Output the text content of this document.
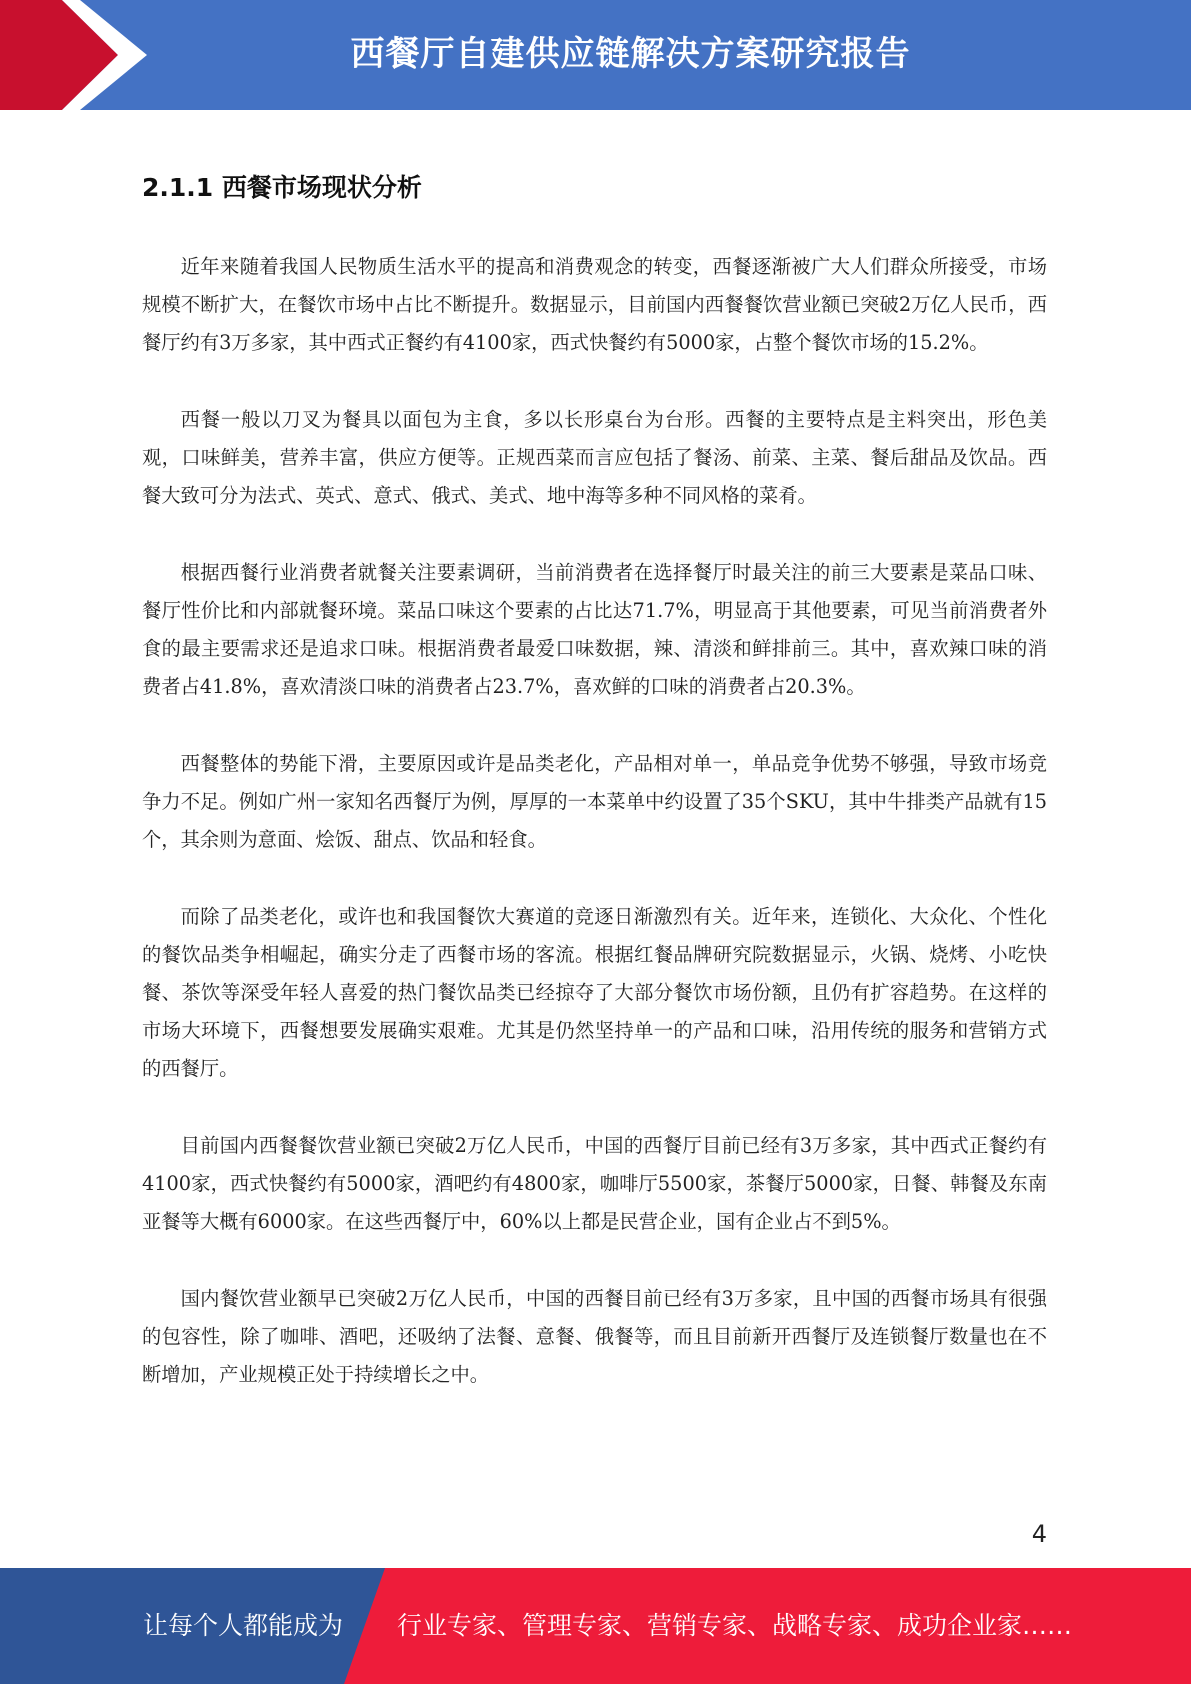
西餐厅自建供应链解决方案研究报告
2.1.1 西餐市场现状分析

近年来随着我国人民物质生活水平的提高和消费观念的转变，西餐逐渐被广大人们群众所接受，市场规模不断扩大，在餐饮市场中占比不断提升。数据显示，目前国内西餐餐饮营业额已突破2万亿人民币，西餐厅约有3万多家，其中西式正餐约有4100家，西式快餐约有5000家，占整个餐饮市场的15.2%。

西餐一般以刀叉为餐具以面包为主食，多以长形桌台为台形。西餐的主要特点是主料突出，形色美观，口味鲜美，营养丰富，供应方便等。正规西菜而言应包括了餐汤、前菜、主菜、餐后甜品及饮品。西餐大致可分为法式、英式、意式、俄式、美式、地中海等多种不同风格的菜肴。

根据西餐行业消费者就餐关注要素调研，当前消费者在选择餐厅时最关注的前三大要素是菜品口味、餐厅性价比和内部就餐环境。菜品口味这个要素的占比达71.7%，明显高于其他要素，可见当前消费者外食的最主要需求还是追求口味。根据消费者最爱口味数据，辣、清淡和鲜排前三。其中，喜欢辣口味的消费者占41.8%，喜欢清淡口味的消费者占23.7%，喜欢鲜的口味的消费者占20.3%。

西餐整体的势能下滑，主要原因或许是品类老化，产品相对单一，单品竞争优势不够强，导致市场竞争力不足。例如广州一家知名西餐厅为例，厚厚的一本菜单中约设置了35个SKU，其中牛排类产品就有15个，其余则为意面、烩饭、甜点、饮品和轻食。

而除了品类老化，或许也和我国餐饮大赛道的竞逐日渐激烈有关。近年来，连锁化、大众化、个性化的餐饮品类争相崛起，确实分走了西餐市场的客流。根据红餐品牌研究院数据显示，火锅、烧烤、小吃快餐、茶饮等深受年轻人喜爱的热门餐饮品类已经掠夺了大部分餐饮市场份额，且仍有扩容趋势。在这样的市场大环境下，西餐想要发展确实艰难。尤其是仍然坚持单一的产品和口味，沿用传统的服务和营销方式的西餐厅。

目前国内西餐餐饮营业额已突破2万亿人民币，中国的西餐厅目前已经有3万多家，其中西式正餐约有4100家，西式快餐约有5000家，酒吧约有4800家，咖啡厅5500家，茶餐厅5000家，日餐、韩餐及东南亚餐等大概有6000家。在这些西餐厅中，60%以上都是民营企业，国有企业占不到5%。

国内餐饮营业额早已突破2万亿人民币，中国的西餐目前已经有3万多家，且中国的西餐市场具有很强的包容性，除了咖啡、酒吧，还吸纳了法餐、意餐、俄餐等，而且目前新开西餐厅及连锁餐厅数量也在不断增加，产业规模正处于持续增长之中。

4
让每个人都能成为 行业专家、管理专家、营销专家、战略专家、成功企业家……
